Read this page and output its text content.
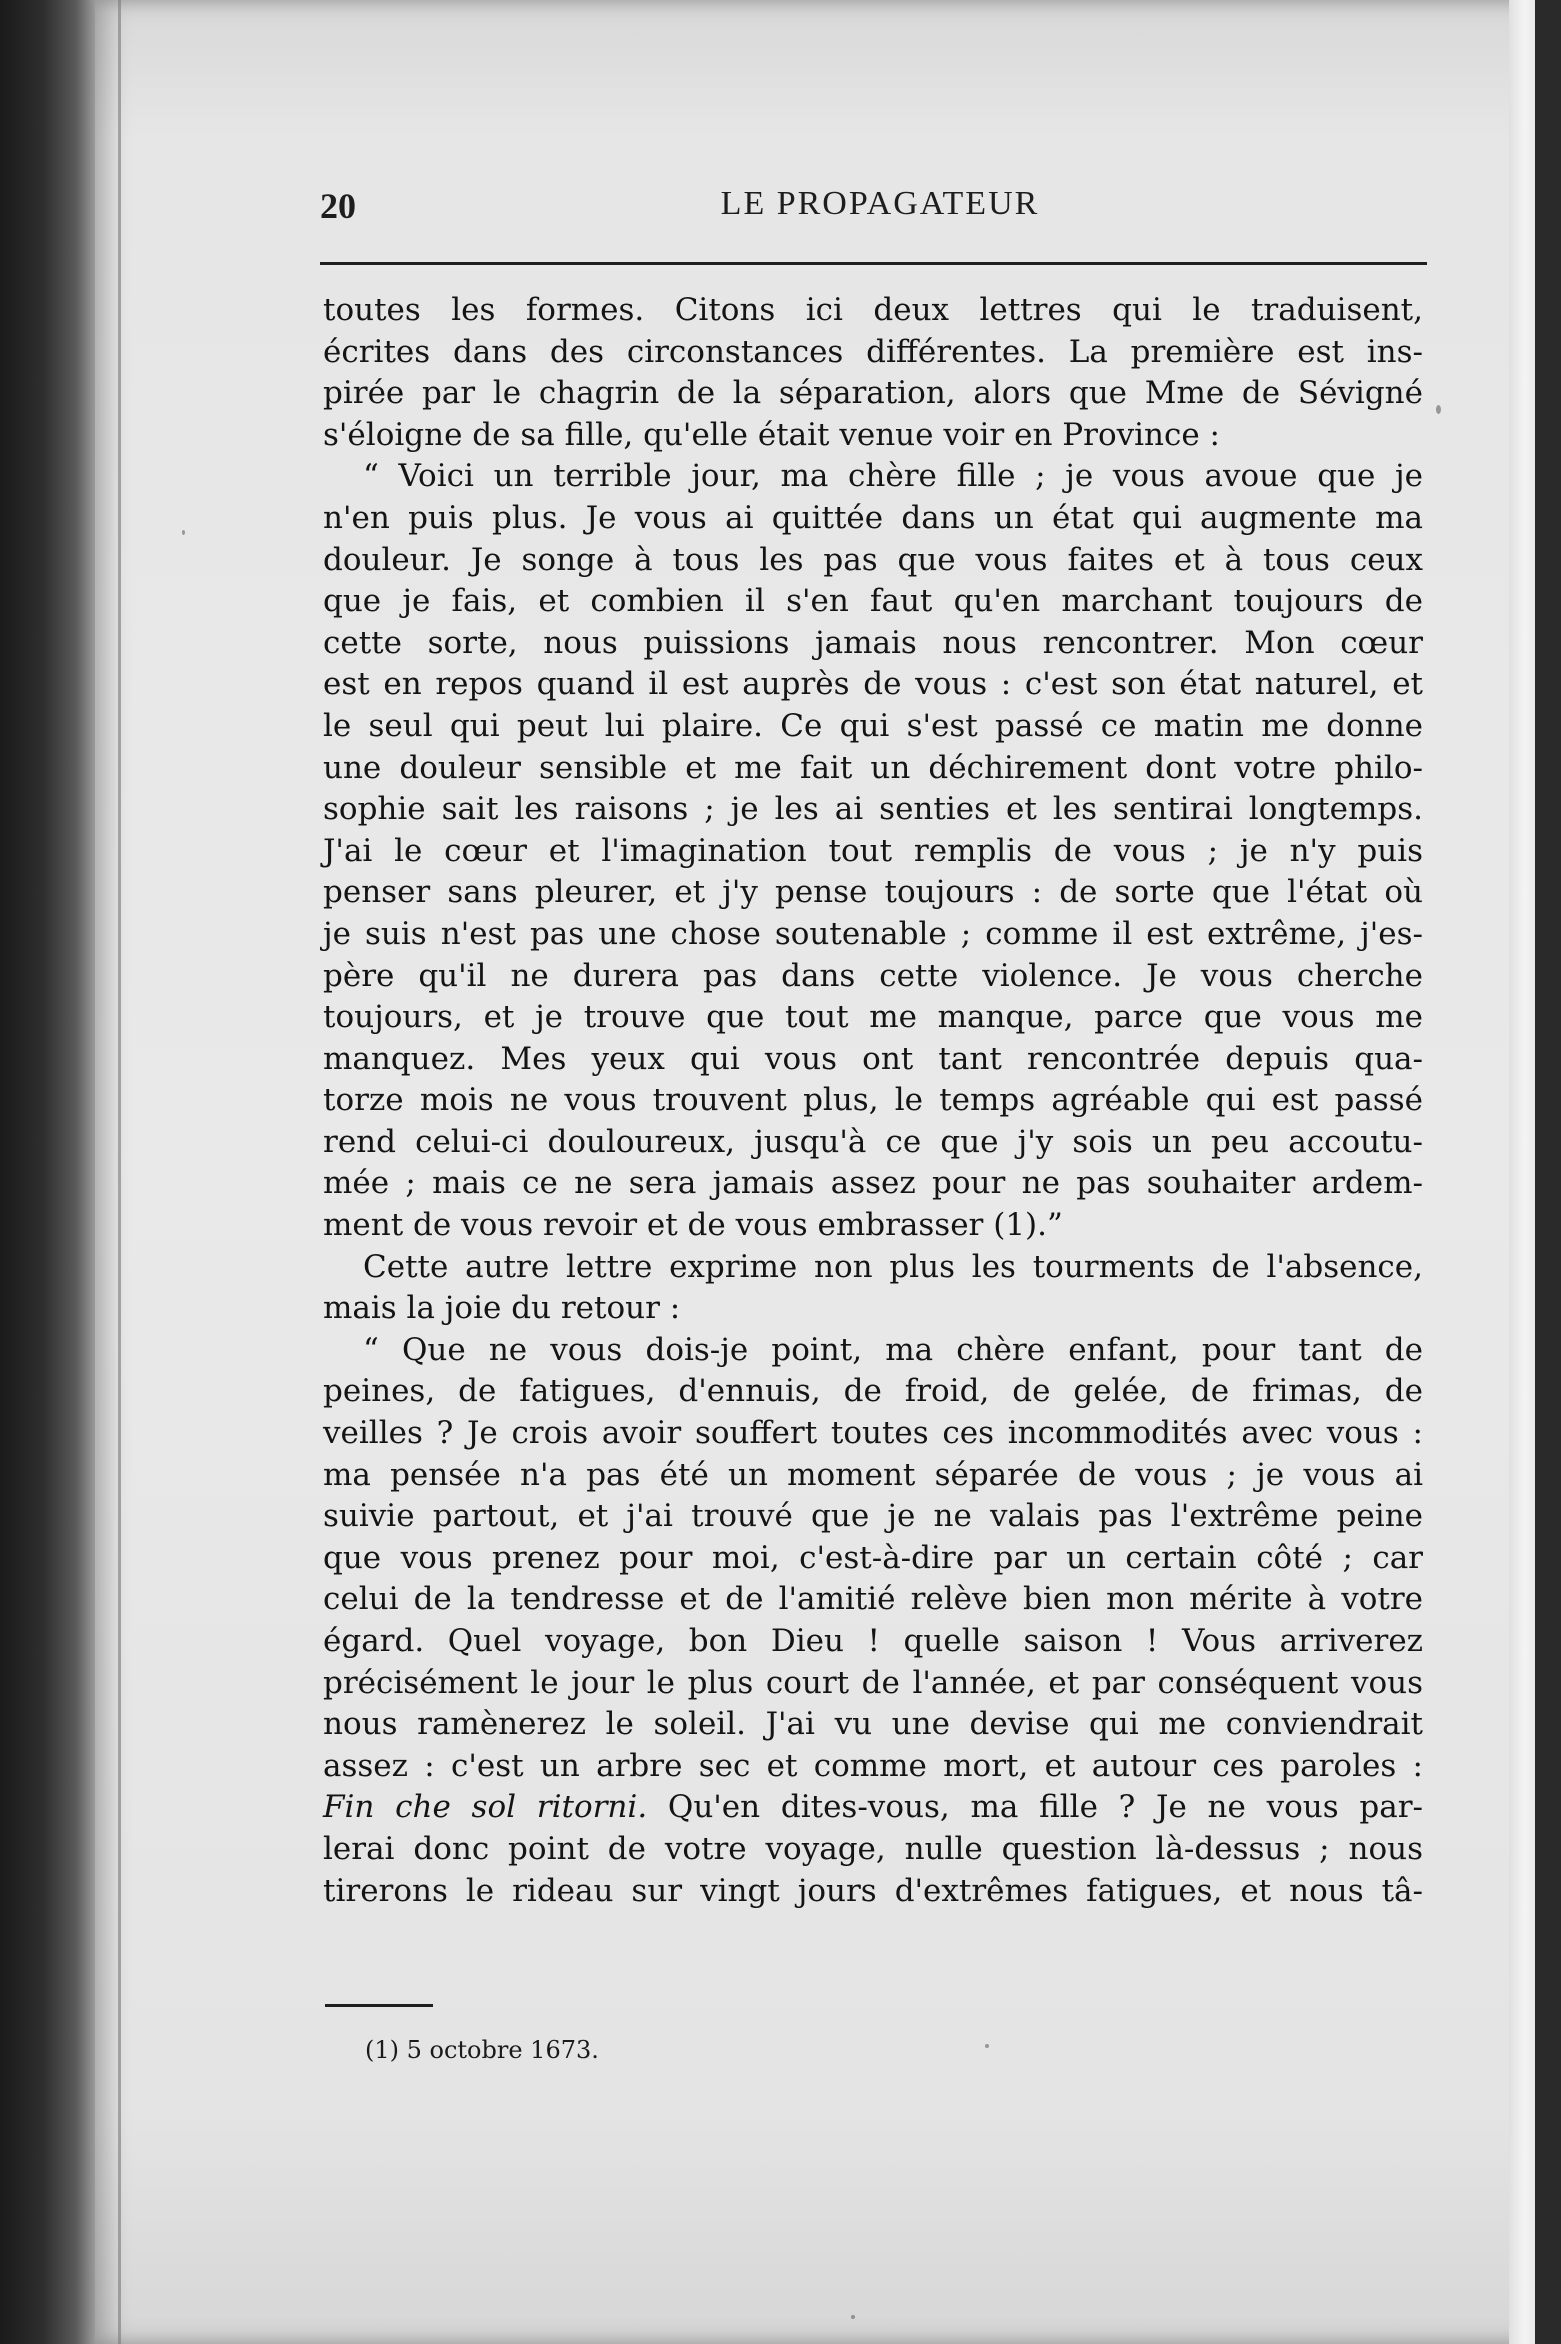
20	LE PROPAGATEUR
toutes les formes. Citons ici deux lettres qui le traduisent,
écrites dans des circonstances différentes. La première est ins-
pirée par le chagrin de la séparation, alors que Mme de Sévigné
s'éloigne de sa fille, qu'elle était venue voir en Province :
“ Voici un terrible jour, ma chère fille ; je vous avoue que je
n'en puis plus. Je vous ai quittée dans un état qui augmente ma
douleur. Je songe à tous les pas que vous faites et à tous ceux
que je fais, et combien il s'en faut qu'en marchant toujours de
cette sorte, nous puissions jamais nous rencontrer. Mon cœur
est en repos quand il est auprès de vous : c'est son état naturel, et
le seul qui peut lui plaire. Ce qui s'est passé ce matin me donne
une douleur sensible et me fait un déchirement dont votre philo-
sophie sait les raisons ; je les ai senties et les sentirai longtemps.
J'ai le cœur et l'imagination tout remplis de vous ; je n'y puis
penser sans pleurer, et j'y pense toujours : de sorte que l'état où
je suis n'est pas une chose soutenable ; comme il est extrême, j'es-
père qu'il ne durera pas dans cette violence. Je vous cherche
toujours, et je trouve que tout me manque, parce que vous me
manquez. Mes yeux qui vous ont tant rencontrée depuis qua-
torze mois ne vous trouvent plus, le temps agréable qui est passé
rend celui-ci douloureux, jusqu'à ce que j'y sois un peu accoutu-
mée ; mais ce ne sera jamais assez pour ne pas souhaiter ardem-
ment de vous revoir et de vous embrasser (1).”
Cette autre lettre exprime non plus les tourments de l'absence,
mais la joie du retour :
“ Que ne vous dois-je point, ma chère enfant, pour tant de
peines, de fatigues, d'ennuis, de froid, de gelée, de frimas, de
veilles ? Je crois avoir souffert toutes ces incommodités avec vous :
ma pensée n'a pas été un moment séparée de vous ; je vous ai
suivie partout, et j'ai trouvé que je ne valais pas l'extrême peine
que vous prenez pour moi, c'est-à-dire par un certain côté ; car
celui de la tendresse et de l'amitié relève bien mon mérite à votre
égard. Quel voyage, bon Dieu ! quelle saison ! Vous arriverez
précisément le jour le plus court de l'année, et par conséquent vous
nous ramènerez le soleil. J'ai vu une devise qui me conviendrait
assez : c'est un arbre sec et comme mort, et autour ces paroles :
Fin che sol ritorni. Qu'en dites-vous, ma fille ? Je ne vous par-
lerai donc point de votre voyage, nulle question là-dessus ; nous
tirerons le rideau sur vingt jours d'extrêmes fatigues, et nous tâ-
(1) 5 octobre 1673.
